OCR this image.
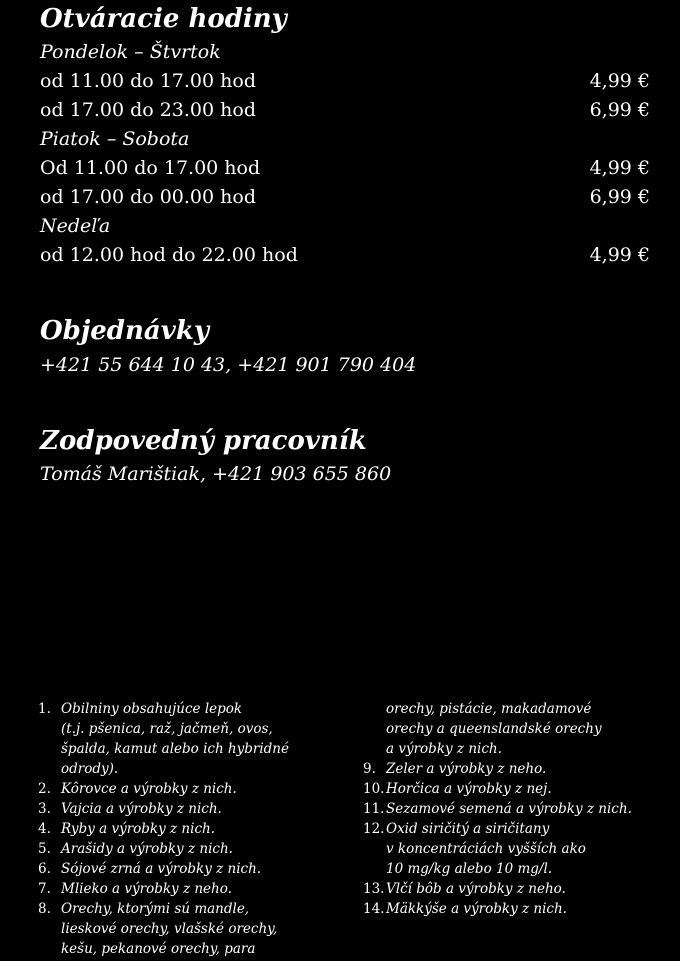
Otváracie hodiny
Pondelok – Štvrtok
od 11.00 do 17.00 hod	4,99 €
od 17.00 do 23.00 hod	6,99 €
Piatok – Sobota
Od 11.00 do 17.00 hod	4,99 €
od 17.00 do 00.00 hod	6,99 €
Nedeľa
od 12.00 hod do 22.00 hod	4,99 €
Objednávky
+421 55 644 10 43, +421 901 790 404
Zodpovedný pracovník
Tomáš Marištiak, +421 903 655 860
1. Obilniny obsahujúce lepok
(t.j. pšenica, raž, jačmeň, ovos,
špalda, kamut alebo ich hybridné
odrody).
2. Kôrovce a výrobky z nich.
3. Vajcia a výrobky z nich.
4. Ryby a výrobky z nich.
5. Arašidy a výrobky z nich.
6. Sójové zrná a výrobky z nich.
7. Mlieko a výrobky z neho.
8. Orechy, ktorými sú mandle,
lieskové orechy, vlašské orechy,
kešu, pekanové orechy, para
orechy, pistácie, makadamové
orechy a queenslandské orechy
a výrobky z nich.
9. Zeler a výrobky z neho.
10. Horčica a výrobky z nej.
11. Sezamové semená a výrobky z nich.
12. Oxid siričitý a siričitany
v koncentráciách vyšších ako
10 mg/kg alebo 10 mg/l.
13. Vlčí bôb a výrobky z neho.
14. Mäkkýše a výrobky z nich.
